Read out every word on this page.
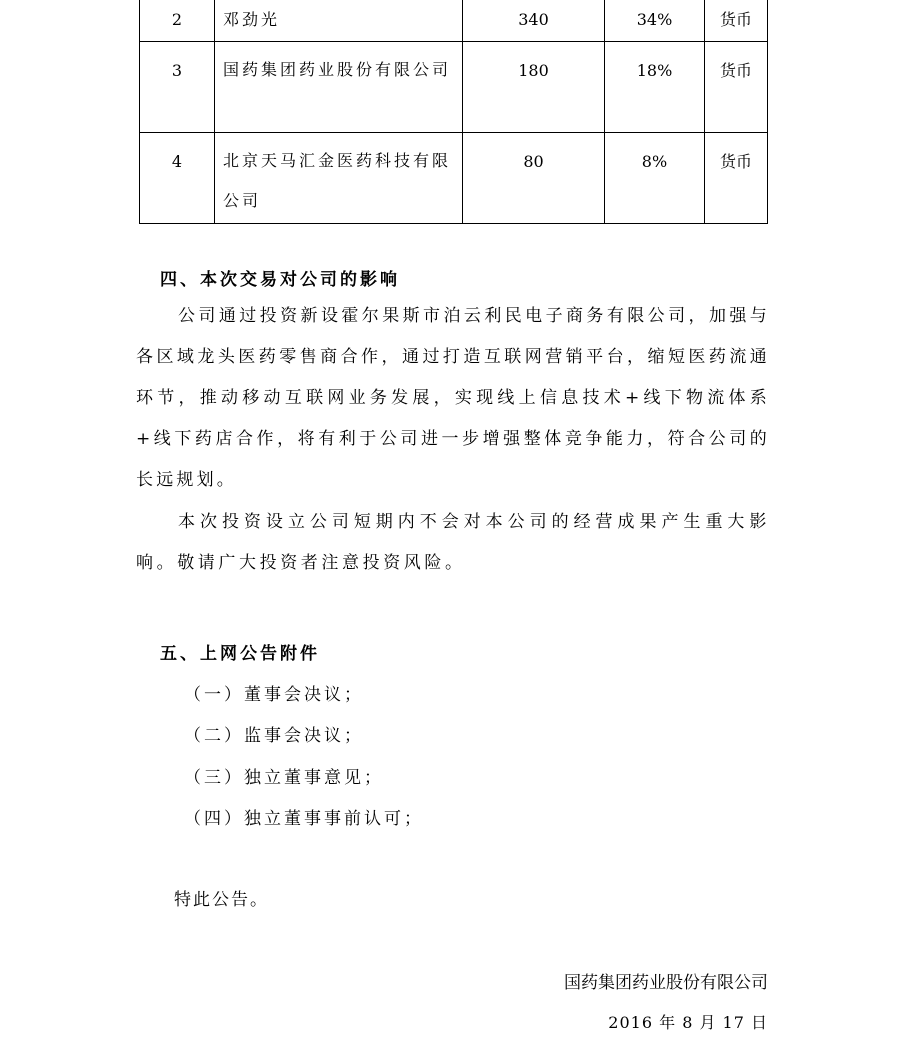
2	邓劲光	340	34%	货币
3	国药集团药业股份有限公司	180	18%	货币
4	北京天马汇金医药科技有限公司	80	8%	货币
四、本次交易对公司的影响

公司通过投资新设霍尔果斯市泊云利民电子商务有限公司，加强与各区域龙头医药零售商合作，通过打造互联网营销平台，缩短医药流通环节，推动移动互联网业务发展，实现线上信息技术+线下物流体系+线下药店合作，将有利于公司进一步增强整体竞争能力，符合公司的长远规划。

本次投资设立公司短期内不会对本公司的经营成果产生重大影响。敬请广大投资者注意投资风险。

五、上网公告附件
（一）董事会决议；
（二）监事会决议；
（三）独立董事意见；
（四）独立董事事前认可；
特此公告。
国药集团药业股份有限公司
2016 年 8 月 17 日
